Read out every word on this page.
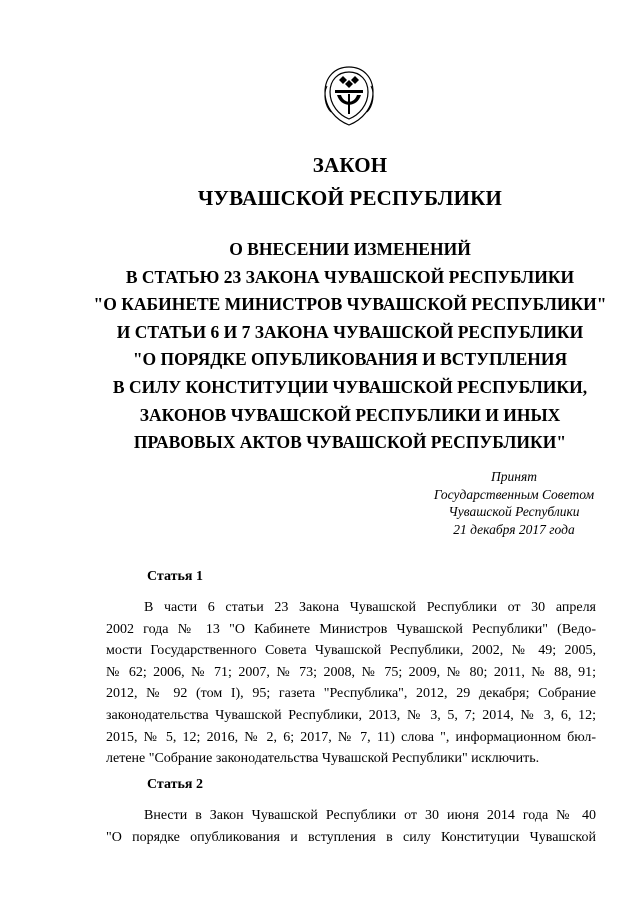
ЗАКОН
ЧУВАШСКОЙ РЕСПУБЛИКИ
О ВНЕСЕНИИ ИЗМЕНЕНИЙ
В СТАТЬЮ 23 ЗАКОНА ЧУВАШСКОЙ РЕСПУБЛИКИ
"О КАБИНЕТЕ МИНИСТРОВ ЧУВАШСКОЙ РЕСПУБЛИКИ"
И СТАТЬИ 6 И 7 ЗАКОНА ЧУВАШСКОЙ РЕСПУБЛИКИ
"О ПОРЯДКЕ ОПУБЛИКОВАНИЯ И ВСТУПЛЕНИЯ
В СИЛУ КОНСТИТУЦИИ ЧУВАШСКОЙ РЕСПУБЛИКИ,
ЗАКОНОВ ЧУВАШСКОЙ РЕСПУБЛИКИ И ИНЫХ
ПРАВОВЫХ АКТОВ ЧУВАШСКОЙ РЕСПУБЛИКИ"
Принят
Государственным Советом
Чувашской Республики
21 декабря 2017 года
Статья 1
В части 6 статьи 23 Закона Чувашской Республики от 30 апреля
2002 года № 13 "О Кабинете Министров Чувашской Республики" (Ведо-
мости Государственного Совета Чувашской Республики, 2002, № 49; 2005,
№ 62; 2006, № 71; 2007, № 73; 2008, № 75; 2009, № 80; 2011, № 88, 91;
2012, № 92 (том I), 95; газета "Республика", 2012, 29 декабря; Собрание
законодательства Чувашской Республики, 2013, № 3, 5, 7; 2014, № 3, 6, 12;
2015, № 5, 12; 2016, № 2, 6; 2017, № 7, 11) слова ", информационном бюл-
летене "Собрание законодательства Чувашской Республики" исключить.
Статья 2
Внести в Закон Чувашской Республики от 30 июня 2014 года № 40
"О порядке опубликования и вступления в силу Конституции Чувашской
